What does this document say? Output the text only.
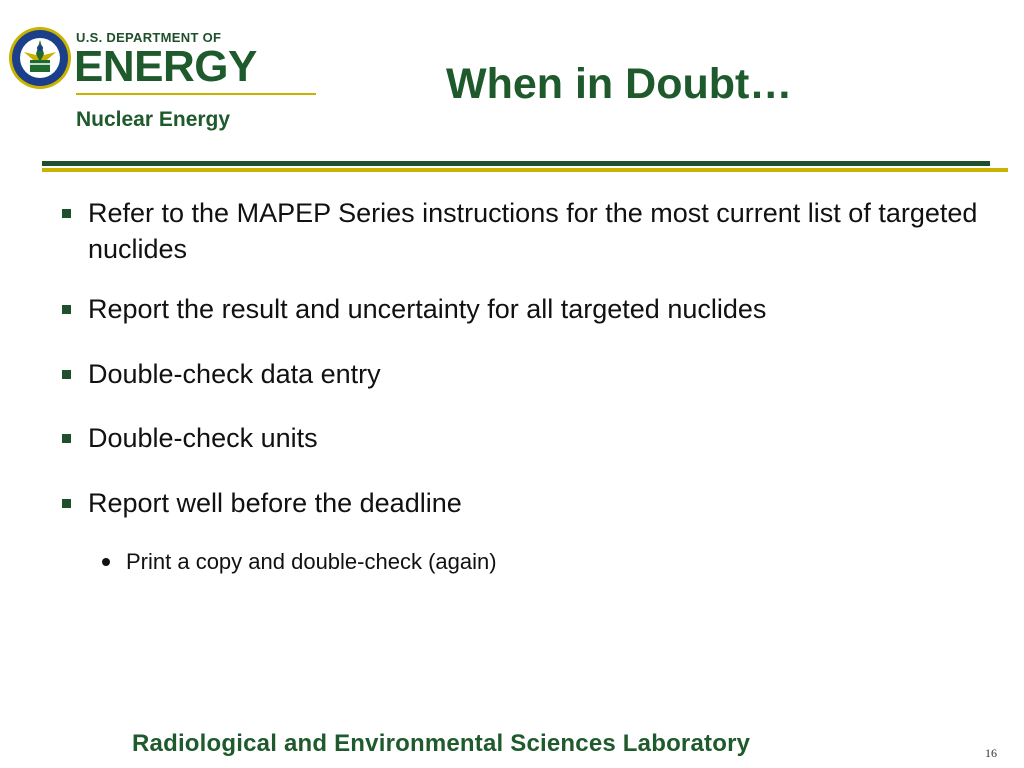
U.S. DEPARTMENT OF
ENERGY
Nuclear Energy
When in Doubt…
Refer to the MAPEP Series instructions for the most current list of targeted nuclides
Report the result and uncertainty for all targeted nuclides
Double-check data entry
Double-check units
Report well before the deadline
Print a copy and double-check (again)
Radiological and Environmental Sciences Laboratory	16
